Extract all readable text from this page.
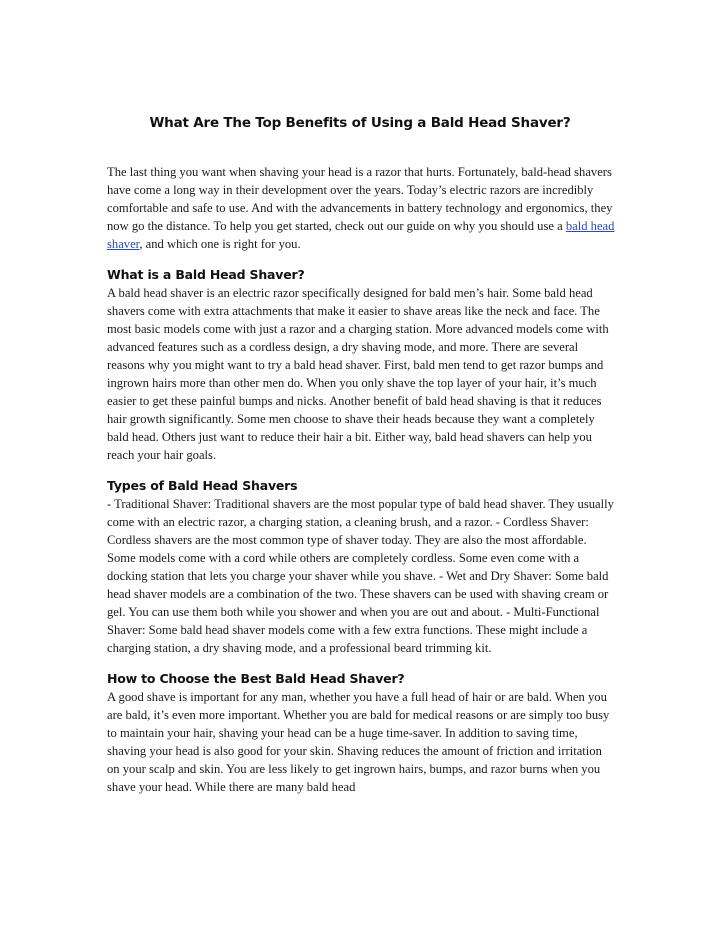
What Are The Top Benefits of Using a Bald Head Shaver?

The last thing you want when shaving your head is a razor that hurts. Fortunately, bald-head shavers have come a long way in their development over the years. Today’s electric razors are incredibly comfortable and safe to use. And with the advancements in battery technology and ergonomics, they now go the distance. To help you get started, check out our guide on why you should use a bald head shaver, and which one is right for you.

What is a Bald Head Shaver?

A bald head shaver is an electric razor specifically designed for bald men’s hair. Some bald head shavers come with extra attachments that make it easier to shave areas like the neck and face. The most basic models come with just a razor and a charging station. More advanced models come with advanced features such as a cordless design, a dry shaving mode, and more. There are several reasons why you might want to try a bald head shaver. First, bald men tend to get razor bumps and ingrown hairs more than other men do. When you only shave the top layer of your hair, it’s much easier to get these painful bumps and nicks. Another benefit of bald head shaving is that it reduces hair growth significantly. Some men choose to shave their heads because they want a completely bald head. Others just want to reduce their hair a bit. Either way, bald head shavers can help you reach your hair goals.

Types of Bald Head Shavers

- Traditional Shaver: Traditional shavers are the most popular type of bald head shaver. They usually come with an electric razor, a charging station, a cleaning brush, and a razor. - Cordless Shaver: Cordless shavers are the most common type of shaver today. They are also the most affordable. Some models come with a cord while others are completely cordless. Some even come with a docking station that lets you charge your shaver while you shave. - Wet and Dry Shaver: Some bald head shaver models are a combination of the two. These shavers can be used with shaving cream or gel. You can use them both while you shower and when you are out and about. - Multi-Functional Shaver: Some bald head shaver models come with a few extra functions. These might include a charging station, a dry shaving mode, and a professional beard trimming kit.

How to Choose the Best Bald Head Shaver?

A good shave is important for any man, whether you have a full head of hair or are bald. When you are bald, it’s even more important. Whether you are bald for medical reasons or are simply too busy to maintain your hair, shaving your head can be a huge time-saver. In addition to saving time, shaving your head is also good for your skin. Shaving reduces the amount of friction and irritation on your scalp and skin. You are less likely to get ingrown hairs, bumps, and razor burns when you shave your head. While there are many bald head
